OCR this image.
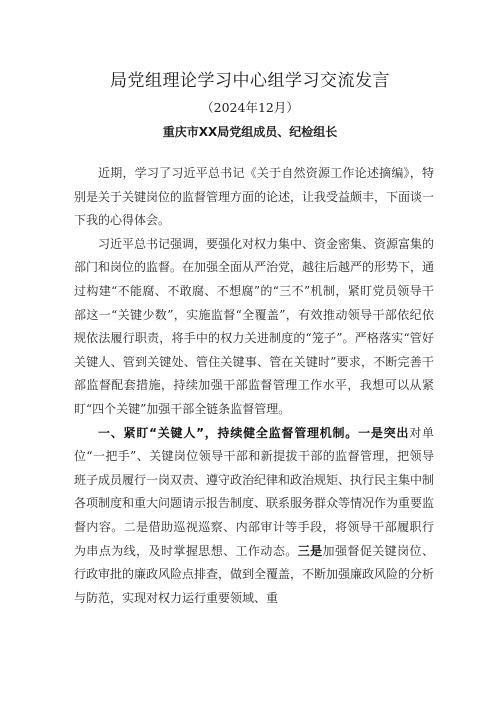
局党组理论学习中心组学习交流发言
（2024年12月）
重庆市XX局党组成员、纪检组长

近期，学习了习近平总书记《关于自然资源工作论述摘编》，特别是关于关键岗位的监督管理方面的论述，让我受益颇丰，下面谈一下我的心得体会。

习近平总书记强调，要强化对权力集中、资金密集、资源富集的部门和岗位的监督。在加强全面从严治党，越往后越严的形势下，通过构建“不能腐、不敢腐、不想腐”的“三不”机制，紧盯党员领导干部这一“关键少数”，实施监督“全覆盖”，有效推动领导干部依纪依规依法履行职责，将手中的权力关进制度的“笼子”。严格落实“管好关键人、管到关键处、管住关键事、管在关键时”要求，不断完善干部监督配套措施，持续加强干部监督管理工作水平，我想可以从紧盯“四个关键”加强干部全链条监督管理。

一、紧盯“关键人”，持续健全监督管理机制。一是突出对单位“一把手”、关键岗位领导干部和新提拔干部的监督管理，把领导班子成员履行一岗双责、遵守政治纪律和政治规矩、执行民主集中制各项制度和重大问题请示报告制度、联系服务群众等情况作为重要监督内容。二是借助巡视巡察、内部审计等手段，将领导干部履职行为串点为线，及时掌握思想、工作动态。三是加强督促关键岗位、行政审批的廉政风险点排查，做到全覆盖，不断加强廉政风险的分析与防范，实现对权力运行重要领域、重
